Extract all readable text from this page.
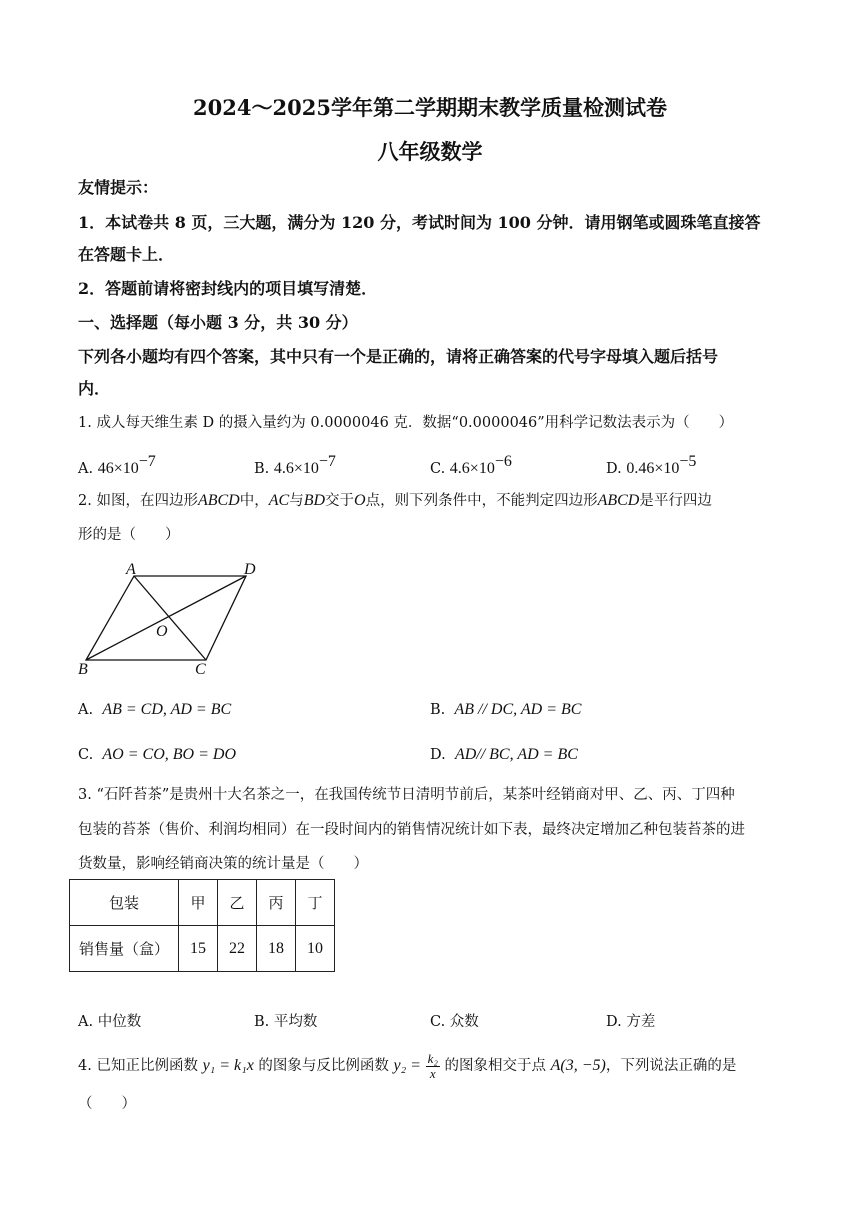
2024～2025学年第二学期期末教学质量检测试卷
八年级数学
友情提示：
1．本试卷共 8 页，三大题，满分为 120 分，考试时间为 100 分钟．请用钢笔或圆珠笔直接答
在答题卡上．
2．答题前请将密封线内的项目填写清楚．
一、选择题（每小题 3 分，共 30 分）
下列各小题均有四个答案，其中只有一个是正确的，请将正确答案的代号字母填入题后括号
内．
1. 成人每天维生素 D 的摄入量约为 0.0000046 克．数据“0.0000046”用科学记数法表示为（　　）
A. $46\times 10^{-7}$	B. $4.6\times 10^{-7}$	C. $4.6\times 10^{-6}$	D. $0.46\times 10^{-5}$
2. 如图，在四边形ABCD中，AC与BD交于O点，则下列条件中，不能判定四边形ABCD是平行四边
形的是（　　）
A	D
O
B	C
A. AB = CD, AD = BC	B. AB // DC, AD = BC
C. AO = CO, BO = DO	D. AD// BC, AD = BC
3. “石阡苔茶”是贵州十大名茶之一，在我国传统节日清明节前后，某茶叶经销商对甲、乙、丙、丁四种
包装的苔茶（售价、利润均相同）在一段时间内的销售情况统计如下表，最终决定增加乙种包装苔茶的进
货数量，影响经销商决策的统计量是（　　）
包装	甲	乙	丙	丁
销售量（盒）	15	22	18	10
A. 中位数	B. 平均数	C. 众数	D. 方差
4. 已知正比例函数 y₁ = k₁x 的图象与反比例函数 $y_2 = \frac{\text{k₂}}{x}$ 的图象相交于点 A(3, −5)，下列说法正确的是
（　　）
